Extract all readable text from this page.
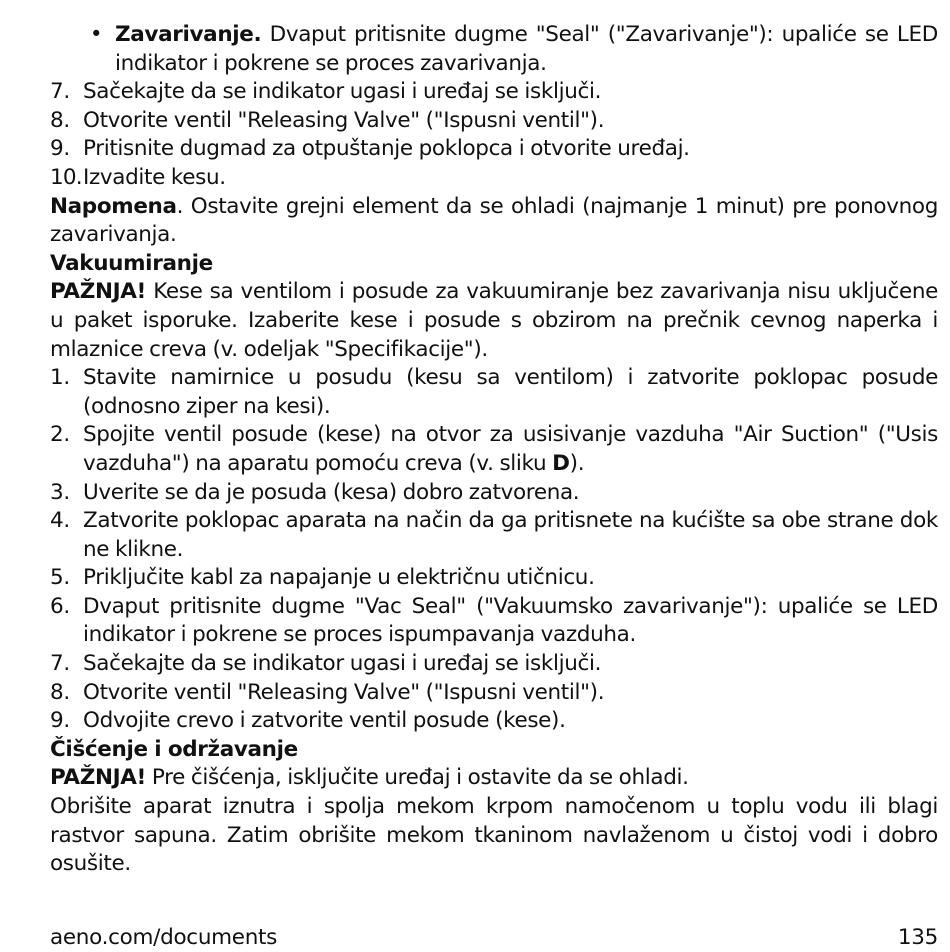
• Zavarivanje. Dvaput pritisnite dugme "Seal" ("Zavarivanje"): upaliće se LED indikator i pokrene se proces zavarivanja.
7. Sačekajte da se indikator ugasi i uređaj se isključi.
8. Otvorite ventil "Releasing Valve" ("Ispusni ventil").
9. Pritisnite dugmad za otpuštanje poklopca i otvorite uređaj.
10. Izvadite kesu.

Napomena. Ostavite grejni element da se ohladi (najmanje 1 minut) pre ponovnog zavarivanja.

Vakuumiranje

PAŽNJA! Kese sa ventilom i posude za vakuumiranje bez zavarivanja nisu uključene u paket isporuke. Izaberite kese i posude s obzirom na prečnik cevnog naperka i mlaznice creva (v. odeljak "Specifikacije").

1. Stavite namirnice u posudu (kesu sa ventilom) i zatvorite poklopac posude (odnosno ziper na kesi).
2. Spojite ventil posude (kese) na otvor za usisivanje vazduha "Air Suction" ("Usis vazduha") na aparatu pomoću creva (v. sliku D).
3. Uverite se da je posuda (kesa) dobro zatvorena.
4. Zatvorite poklopac aparata na način da ga pritisnete na kućište sa obe strane dok ne klikne.
5. Priključite kabl za napajanje u električnu utičnicu.
6. Dvaput pritisnite dugme "Vac Seal" ("Vakuumsko zavarivanje"): upaliće se LED indikator i pokrene se proces ispumpavanja vazduha.
7. Sačekajte da se indikator ugasi i uređaj se isključi.
8. Otvorite ventil "Releasing Valve" ("Ispusni ventil").
9. Odvojite crevo i zatvorite ventil posude (kese).

Čišćenje i održavanje

PAŽNJA! Pre čišćenja, isključite uređaj i ostavite da se ohladi.

Obrišite aparat iznutra i spolja mekom krpom namočenom u toplu vodu ili blagi rastvor sapuna. Zatim obrišite mekom tkaninom navlaženom u čistoj vodi i dobro osušite.

aeno.com/documents	135
